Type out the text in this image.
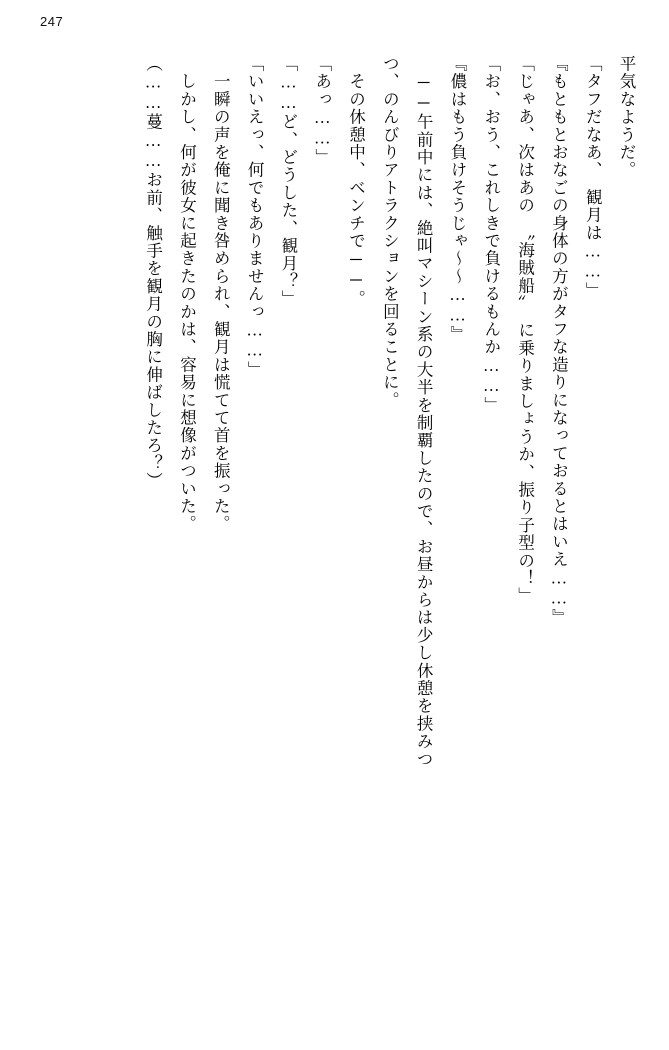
247

平気なようだ。

「タフだなあ、　観月は……」

『もともとおなごの身体の方がタフな造りになっておるとはいえ……』

「じゃあ、次はあの　〝海賊船〟　に乗りましょうか、振り子型の！」

「お、おう、これしきで負けるもんか……」

『儂はもう負けそうじゃ～～……』

　──午前中には、絶叫マシーン系の大半を制覇したので、お昼からは少し休憩を挟みつ

つ、のんびりアトラクションを回ることに。

　その休憩中、ベンチで──。

「あっ……」

「……ど、どうした、観月？」

「いいえっ、何でもありませんっ……」

　一瞬の声を俺に聞き咎められ、観月は慌てて首を振った。

　しかし、何が彼女に起きたのかは、容易に想像がついた。

（……蔓……お前、触手を観月の胸に伸ばしたろ？）
